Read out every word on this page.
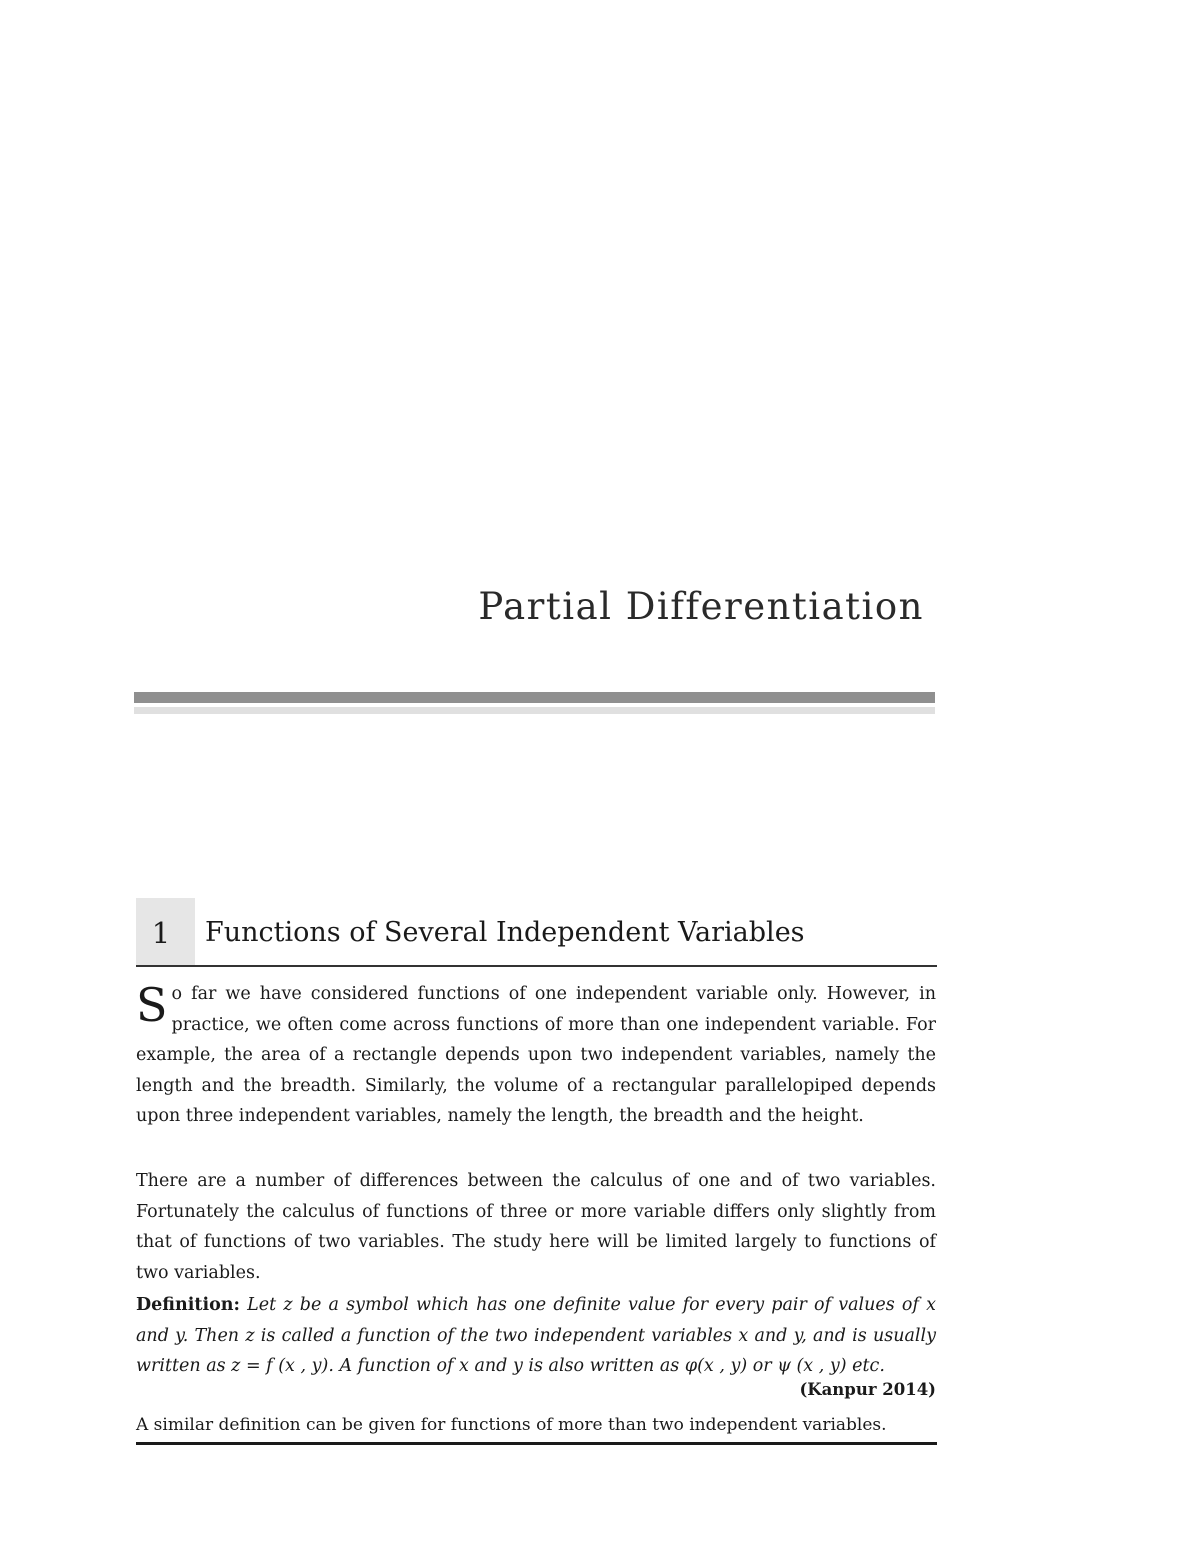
Partial Differentiation
1	Functions of Several Independent Variables
So far we have considered functions of one independent variable only. However, in practice, we often come across functions of more than one independent variable. For example, the area of a rectangle depends upon two independent variables, namely the length and the breadth. Similarly, the volume of a rectangular parallelopiped depends upon three independent variables, namely the length, the breadth and the height.
There are a number of differences between the calculus of one and of two variables. Fortunately the calculus of functions of three or more variable differs only slightly from that of functions of two variables. The study here will be limited largely to functions of two variables.
Definition: Let z be a symbol which has one definite value for every pair of values of x and y. Then z is called a function of the two independent variables x and y, and is usually written as z = f (x , y). A function of x and y is also written as φ(x , y) or ψ (x , y) etc.
(Kanpur 2014)
A similar definition can be given for functions of more than two independent variables.
